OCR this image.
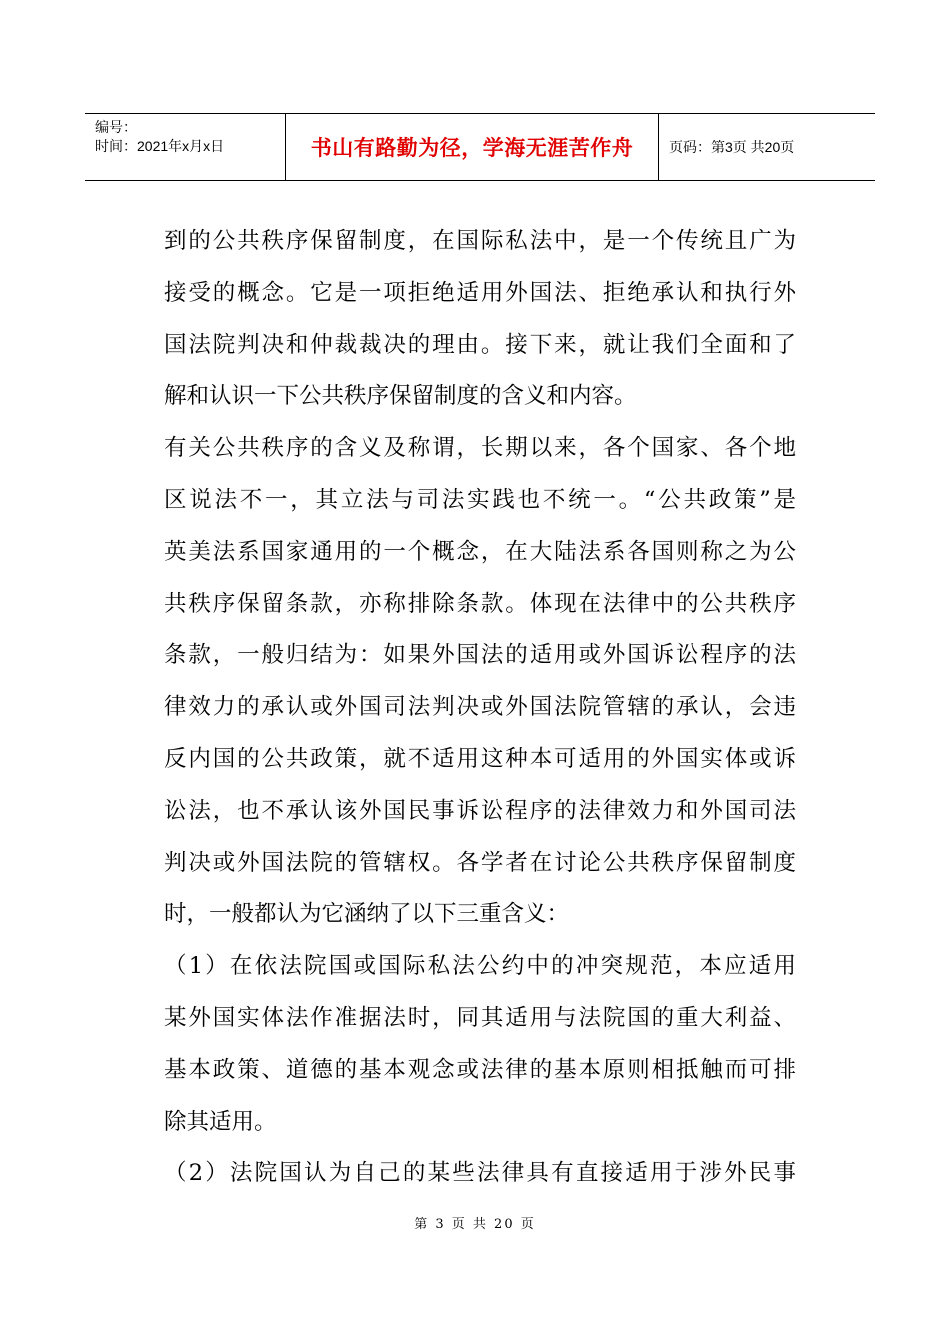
编号：
时间：2021年x月x日	书山有路勤为径，学海无涯苦作舟	页码：第3页 共20页

到的公共秩序保留制度，在国际私法中，是一个传统且广为
接受的概念。它是一项拒绝适用外国法、拒绝承认和执行外
国法院判决和仲裁裁决的理由。接下来，就让我们全面和了
解和认识一下公共秩序保留制度的含义和内容。

有关公共秩序的含义及称谓，长期以来，各个国家、各个地
区说法不一，其立法与司法实践也不统一。“公共政策”是
英美法系国家通用的一个概念，在大陆法系各国则称之为公
共秩序保留条款，亦称排除条款。体现在法律中的公共秩序
条款，一般归结为：如果外国法的适用或外国诉讼程序的法
律效力的承认或外国司法判决或外国法院管辖的承认，会违
反内国的公共政策，就不适用这种本可适用的外国实体或诉
讼法，也不承认该外国民事诉讼程序的法律效力和外国司法
判决或外国法院的管辖权。各学者在讨论公共秩序保留制度
时，一般都认为它涵纳了以下三重含义：

（1）在依法院国或国际私法公约中的冲突规范，本应适用
某外国实体法作准据法时，同其适用与法院国的重大利益、
基本政策、道德的基本观念或法律的基本原则相抵触而可排
除其适用。

（2）法院国认为自己的某些法律具有直接适用于涉外民事

第 3 页 共 20 页
